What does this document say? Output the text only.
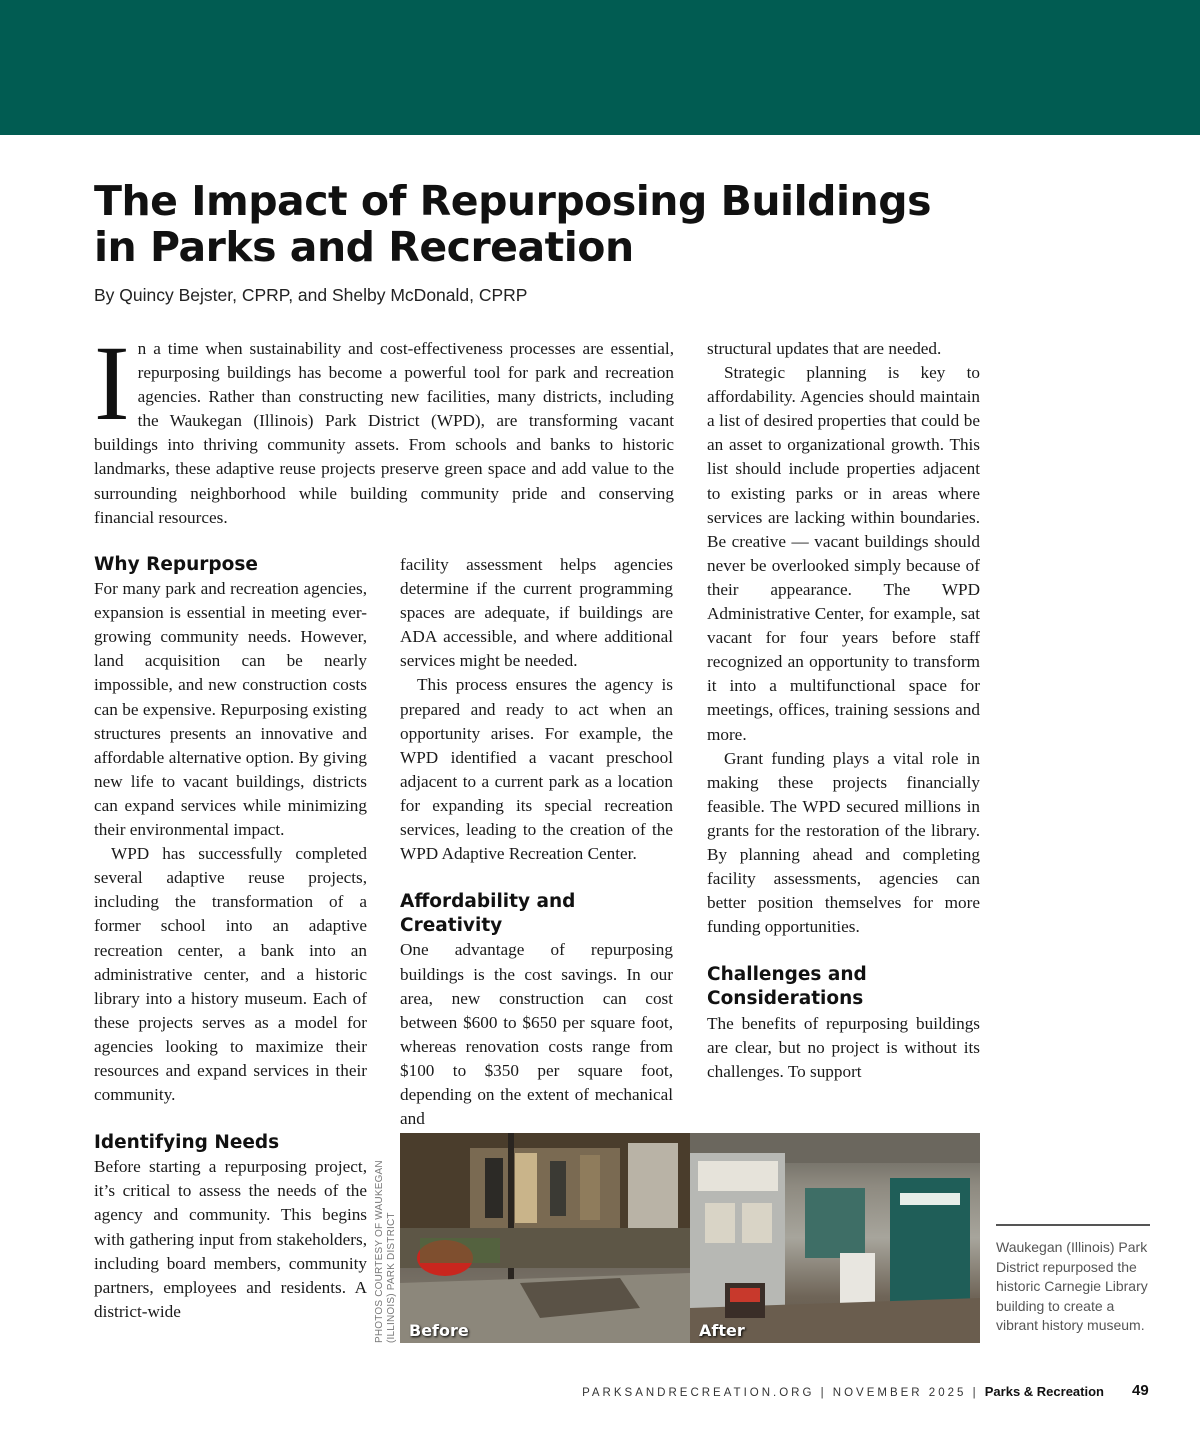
The Impact of Repurposing Buildings in Parks and Recreation

By Quincy Bejster, CPRP, and Shelby McDonald, CPRP

In a time when sustainability and cost-effectiveness processes are essential, repurposing buildings has become a powerful tool for park and recreation agencies. Rather than constructing new facilities, many districts, including the Waukegan (Illinois) Park District (WPD), are transforming vacant buildings into thriving community assets. From schools and banks to historic landmarks, these adaptive reuse projects preserve green space and add value to the surrounding neighborhood while building community pride and conserving financial resources.

Why Repurpose

For many park and recreation agencies, expansion is essential in meeting ever-growing community needs. However, land acquisition can be nearly impossible, and new construction costs can be expensive. Repurposing existing structures presents an innovative and affordable alternative option. By giving new life to vacant buildings, districts can expand services while minimizing their environmental impact.

WPD has successfully completed several adaptive reuse projects, including the transformation of a former school into an adaptive recreation center, a bank into an administrative center, and a historic library into a history museum. Each of these projects serves as a model for agencies looking to maximize their resources and expand services in their community.

Identifying Needs

Before starting a repurposing project, it’s critical to assess the needs of the agency and community. This begins with gathering input from stakeholders, including board members, community partners, employees and residents. A district-wide

facility assessment helps agencies determine if the current programming spaces are adequate, if buildings are ADA accessible, and where additional services might be needed.

This process ensures the agency is prepared and ready to act when an opportunity arises. For example, the WPD identified a vacant preschool adjacent to a current park as a location for expanding its special recreation services, leading to the creation of the WPD Adaptive Recreation Center.

Affordability and Creativity

One advantage of repurposing buildings is the cost savings. In our area, new construction can cost between $600 to $650 per square foot, whereas renovation costs range from $100 to $350 per square foot, depending on the extent of mechanical and

structural updates that are needed.

Strategic planning is key to affordability. Agencies should maintain a list of desired properties that could be an asset to organizational growth. This list should include properties adjacent to existing parks or in areas where services are lacking within boundaries. Be creative — vacant buildings should never be overlooked simply because of their appearance. The WPD Administrative Center, for example, sat vacant for four years before staff recognized an opportunity to transform it into a multifunctional space for meetings, offices, training sessions and more.

Grant funding plays a vital role in making these projects financially feasible. The WPD secured millions in grants for the restoration of the library. By planning ahead and completing facility assessments, agencies can better position themselves for more funding opportunities.

Challenges and Considerations

The benefits of repurposing buildings are clear, but no project is without its challenges. To support

PHOTOS COURTESY OF WAUKEGAN (ILLINOIS) PARK DISTRICT Before	After

Waukegan (Illinois) Park District repurposed the historic Carnegie Library building to create a vibrant history museum.

PARKSANDRECREATION.ORG | NOVEMBER 2025 | Parks & Recreation 49
